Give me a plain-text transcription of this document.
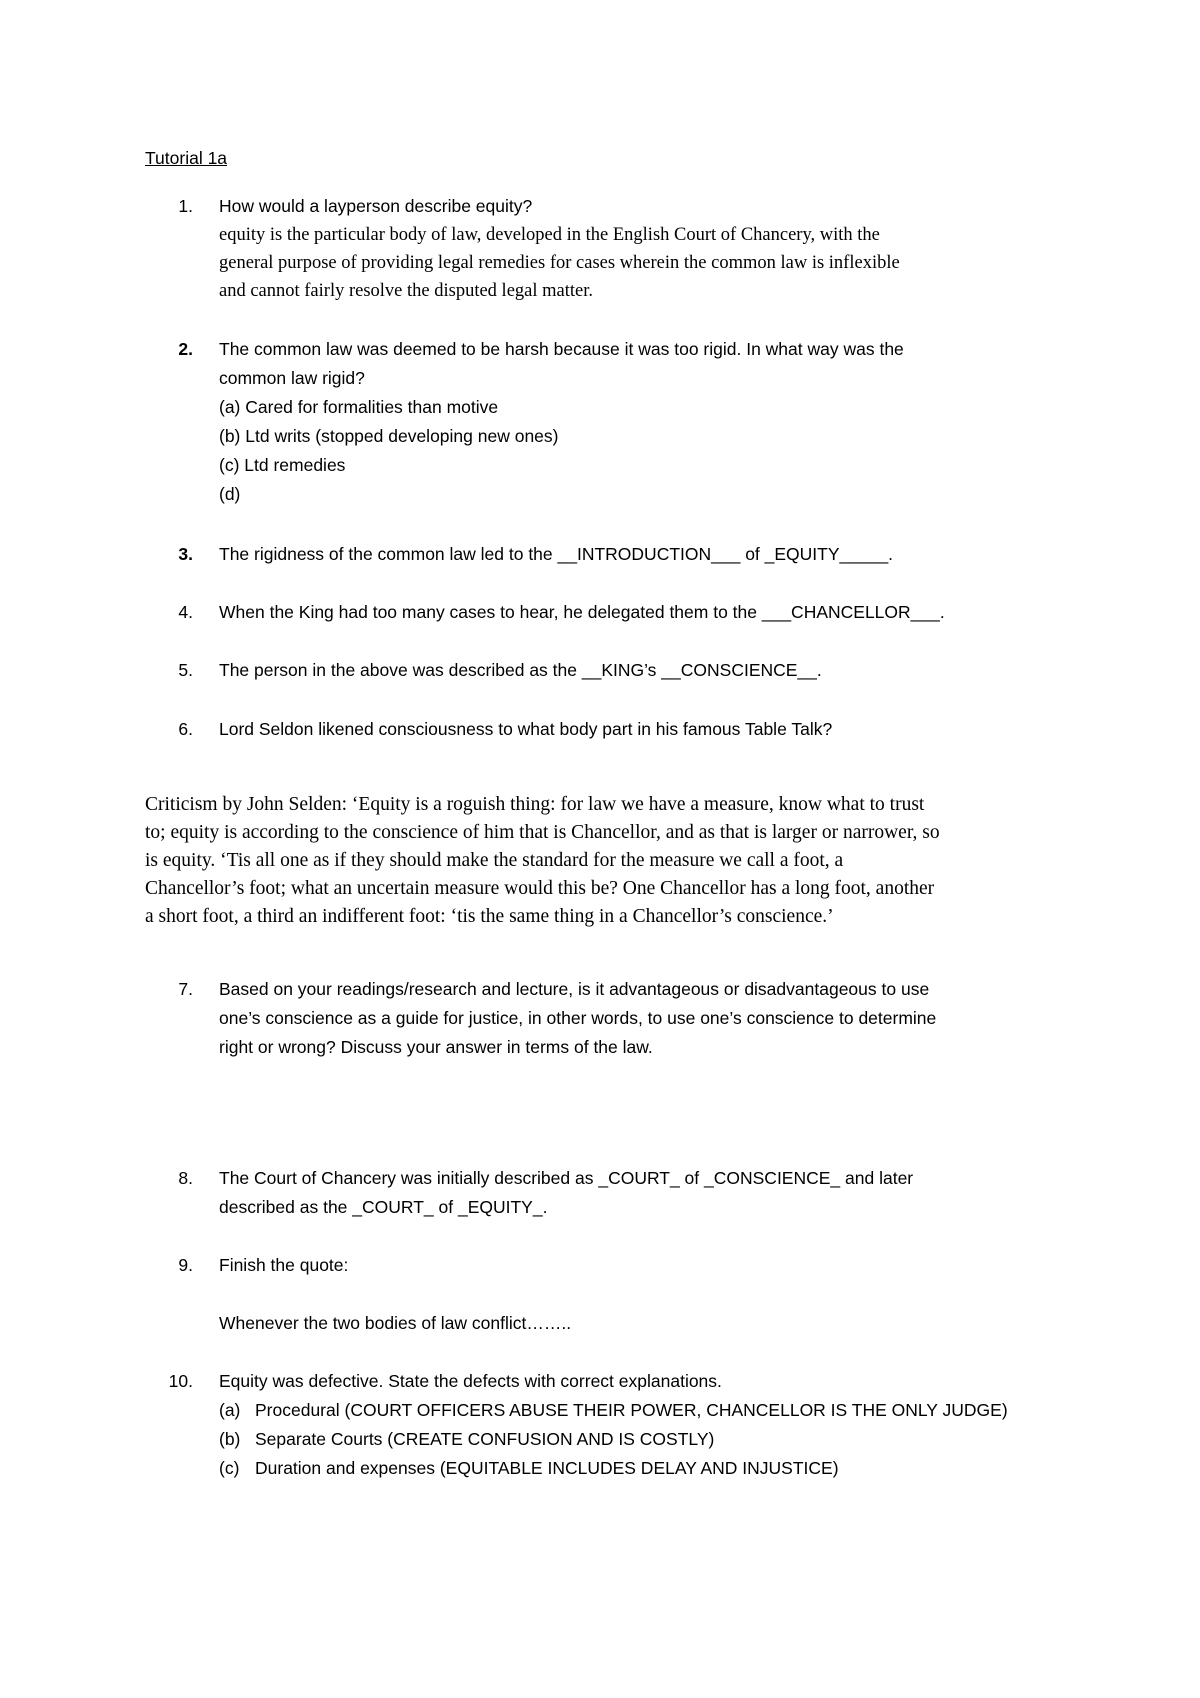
Tutorial 1a
1. How would a layperson describe equity?
equity is the particular body of law, developed in the English Court of Chancery, with the
general purpose of providing legal remedies for cases wherein the common law is inflexible
and cannot fairly resolve the disputed legal matter.
2. The common law was deemed to be harsh because it was too rigid. In what way was the
common law rigid?
(a) Cared for formalities than motive
(b) Ltd writs (stopped developing new ones)
(c) Ltd remedies
(d)
3. The rigidness of the common law led to the __INTRODUCTION___ of _EQUITY_____.
4. When the King had too many cases to hear, he delegated them to the ___CHANCELLOR___.
5. The person in the above was described as the __KING’s __CONSCIENCE__.
6. Lord Seldon likened consciousness to what body part in his famous Table Talk?
Criticism by John Selden: ‘Equity is a roguish thing: for law we have a measure, know what to trust
to; equity is according to the conscience of him that is Chancellor, and as that is larger or narrower, so
is equity. ‘Tis all one as if they should make the standard for the measure we call a foot, a
Chancellor’s foot; what an uncertain measure would this be? One Chancellor has a long foot, another
a short foot, a third an indifferent foot: ‘tis the same thing in a Chancellor’s conscience.’
7. Based on your readings/research and lecture, is it advantageous or disadvantageous to use
one’s conscience as a guide for justice, in other words, to use one’s conscience to determine
right or wrong? Discuss your answer in terms of the law.
8. The Court of Chancery was initially described as _COURT_ of _CONSCIENCE_ and later
described as the _COURT_ of _EQUITY_.
9. Finish the quote:
Whenever the two bodies of law conflict……..
10. Equity was defective. State the defects with correct explanations.
(a) Procedural (COURT OFFICERS ABUSE THEIR POWER, CHANCELLOR IS THE ONLY JUDGE)
(b) Separate Courts (CREATE CONFUSION AND IS COSTLY)
(c) Duration and expenses (EQUITABLE INCLUDES DELAY AND INJUSTICE)
